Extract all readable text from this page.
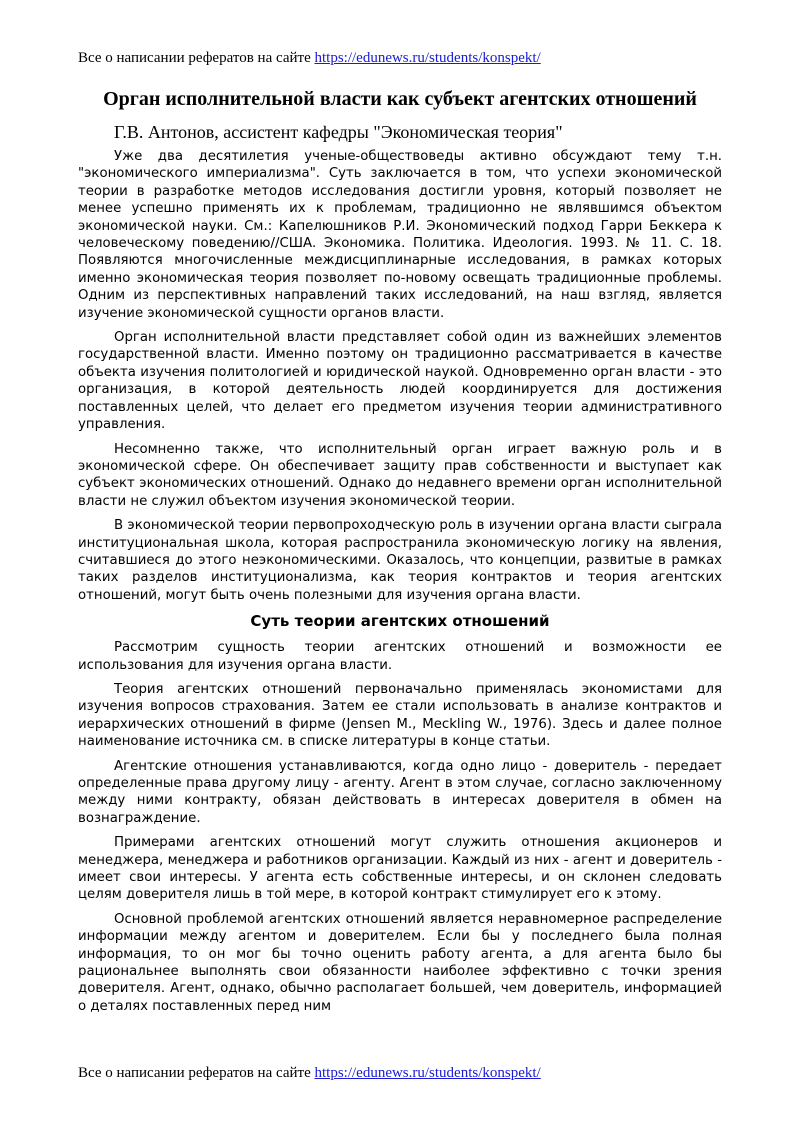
Все о написании рефератов на сайте https://edunews.ru/students/konspekt/
Орган исполнительной власти как субъект агентских отношений
Г.В. Антонов, ассистент кафедры "Экономическая теория"

Уже два десятилетия ученые-обществоведы активно обсуждают тему т.н. "экономического империализма". Суть заключается в том, что успехи экономической теории в разработке методов исследования достигли уровня, который позволяет не менее успешно применять их к проблемам, традиционно не являвшимся объектом экономической науки. См.: Капелюшников Р.И. Экономический подход Гарри Беккера к человеческому поведению//США. Экономика. Политика. Идеология. 1993. № 11. С. 18. Появляются многочисленные междисциплинарные исследования, в рамках которых именно экономическая теория позволяет по-новому освещать традиционные проблемы. Одним из перспективных направлений таких исследований, на наш взгляд, является изучение экономической сущности органов власти.

Орган исполнительной власти представляет собой один из важнейших элементов государственной власти. Именно поэтому он традиционно рассматривается в качестве объекта изучения политологией и юридической наукой. Одновременно орган власти - это организация, в которой деятельность людей координируется для достижения поставленных целей, что делает его предметом изучения теории административного управления.

Несомненно также, что исполнительный орган играет важную роль и в экономической сфере. Он обеспечивает защиту прав собственности и выступает как субъект экономических отношений. Однако до недавнего времени орган исполнительной власти не служил объектом изучения экономической теории.

В экономической теории первопроходческую роль в изучении органа власти сыграла институциональная школа, которая распространила экономическую логику на явления, считавшиеся до этого неэкономическими. Оказалось, что концепции, развитые в рамках таких разделов институционализма, как теория контрактов и теория агентских отношений, могут быть очень полезными для изучения органа власти.

Суть теории агентских отношений

Рассмотрим сущность теории агентских отношений и возможности ее использования для изучения органа власти.

Теория агентских отношений первоначально применялась экономистами для изучения вопросов страхования. Затем ее стали использовать в анализе контрактов и иерархических отношений в фирме (Jensen M., Meckling W., 1976). Здесь и далее полное наименование источника см. в списке литературы в конце статьи.

Агентские отношения устанавливаются, когда одно лицо - доверитель - передает определенные права другому лицу - агенту. Агент в этом случае, согласно заключенному между ними контракту, обязан действовать в интересах доверителя в обмен на вознаграждение.

Примерами агентских отношений могут служить отношения акционеров и менеджера, менеджера и работников организации. Каждый из них - агент и доверитель - имеет свои интересы. У агента есть собственные интересы, и он склонен следовать целям доверителя лишь в той мере, в которой контракт стимулирует его к этому.

Основной проблемой агентских отношений является неравномерное распределение информации между агентом и доверителем. Если бы у последнего была полная информация, то он мог бы точно оценить работу агента, а для агента было бы рациональнее выполнять свои обязанности наиболее эффективно с точки зрения доверителя. Агент, однако, обычно располагает большей, чем доверитель, информацией о деталях поставленных перед ним

Все о написании рефератов на сайте https://edunews.ru/students/konspekt/
